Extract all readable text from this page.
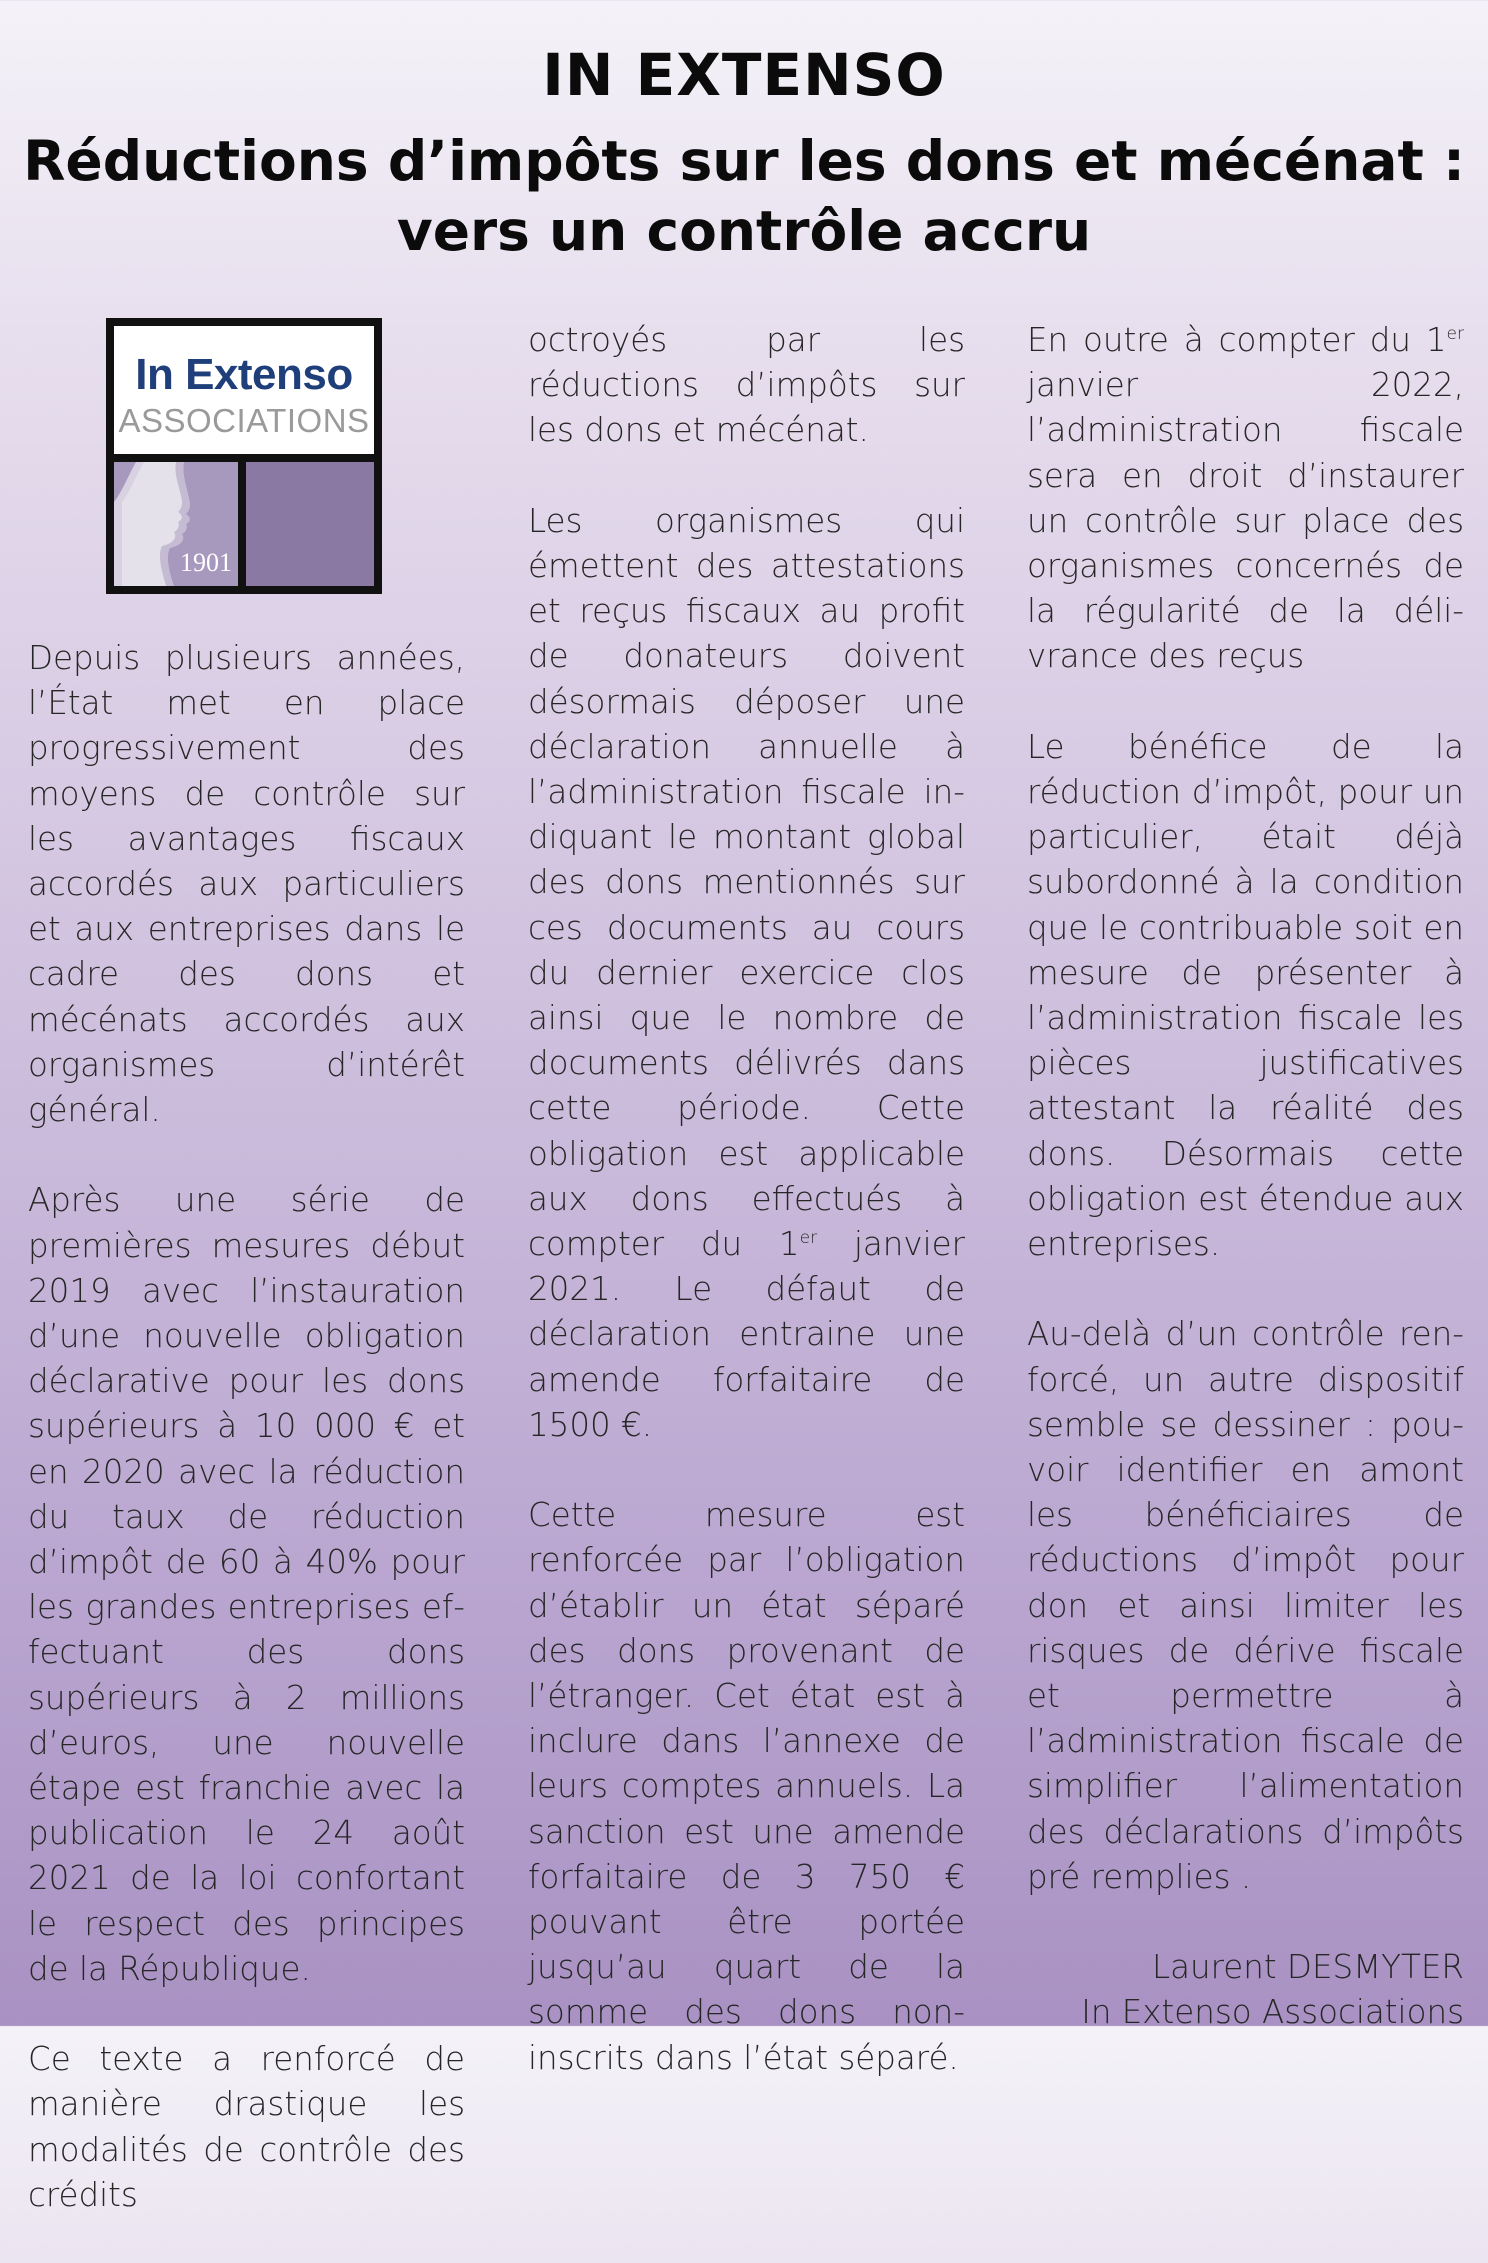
IN EXTENSO
Réductions d’impôts sur les dons et mécénat :
vers un contrôle accru
In Extenso
ASSOCIATIONS
1901

Depuis plusieurs années, l’État met en place progressivement des moyens de contrôle sur les avantages fiscaux accordés aux particuliers et aux entreprises dans le cadre des dons et mécénats accordés aux organismes d’intérêt général.

Après une série de premières mesures début 2019 avec l’instauration d’une nouvelle obligation déclarative pour les dons supérieurs à 10 000 € et en 2020 avec la réduction du taux de réduction d’impôt de 60 à 40% pour les grandes entreprises effectuant des dons supérieurs à 2 millions d’euros, une nouvelle étape est franchie avec la publication le 24 août 2021 de la loi confortant le respect des principes de la République.

Ce texte a renforcé de manière drastique les modalités de contrôle des crédits

octroyés par les réductions d’impôts sur les dons et mécénat.

Les organismes qui émettent des attestations et reçus fiscaux au profit de donateurs doivent désormais déposer une déclaration annuelle à l’administration fiscale indiquant le montant global des dons mentionnés sur ces documents au cours du dernier exercice clos ainsi que le nombre de documents délivrés dans cette période. Cette obligation est applicable aux dons effectués à compter du 1er janvier 2021. Le défaut de déclaration entraine une amende forfaitaire de 1500 €.

Cette mesure est renforcée par l’obligation d’établir un état séparé des dons provenant de l’étranger. Cet état est à inclure dans l’annexe de leurs comptes annuels. La sanction est une amende forfaitaire de 3 750 € pouvant être portée jusqu’au quart de la somme des dons non-inscrits dans l’état séparé.

En outre à compter du 1er janvier 2022, l’administration fiscale sera en droit d’instaurer un contrôle sur place des organismes concernés de la régularité de la délivrance des reçus

Le bénéfice de la réduction d’impôt, pour un particulier, était déjà subordonné à la condition que le contribuable soit en mesure de présenter à l’administration fiscale les pièces justificatives attestant la réalité des dons. Désormais cette obligation est étendue aux entreprises.

Au-delà d’un contrôle renforcé, un autre dispositif semble se dessiner : pouvoir identifier en amont les bénéficiaires de réductions d’impôt pour don et ainsi limiter les risques de dérive fiscale et permettre à l’administration fiscale de simplifier l’alimentation des déclarations d’impôts pré remplies .

Laurent DESMYTER
In Extenso Associations
